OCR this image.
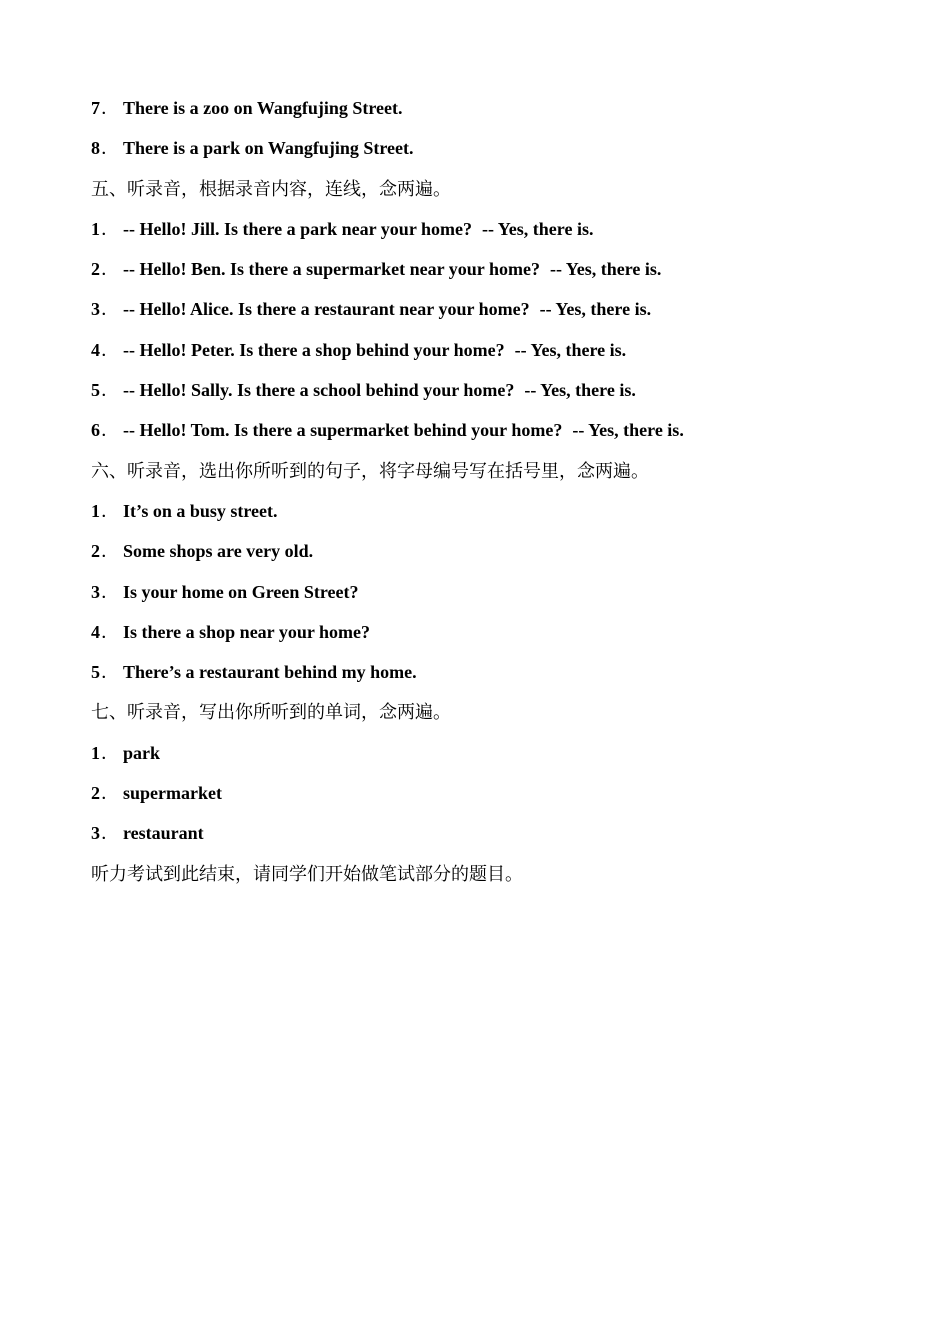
7． There is a zoo on Wangfujing Street.
8． There is a park on Wangfujing Street.
五、听录音，根据录音内容，连线，念两遍。
1． -- Hello! Jill. Is there a park near your home? -- Yes, there is.
2． -- Hello! Ben. Is there a supermarket near your home? -- Yes, there is.
3． -- Hello! Alice. Is there a restaurant near your home? -- Yes, there is.
4． -- Hello! Peter. Is there a shop behind your home? -- Yes, there is.
5． -- Hello! Sally. Is there a school behind your home? -- Yes, there is.
6． -- Hello! Tom. Is there a supermarket behind your home? -- Yes, there is.
六、听录音，选出你所听到的句子，将字母编号写在括号里，念两遍。
1． It’s on a busy street.
2． Some shops are very old.
3． Is your home on Green Street?
4． Is there a shop near your home?
5． There’s a restaurant behind my home.
七、听录音，写出你所听到的单词，念两遍。
1． park
2． supermarket
3． restaurant
听力考试到此结束，请同学们开始做笔试部分的题目。
